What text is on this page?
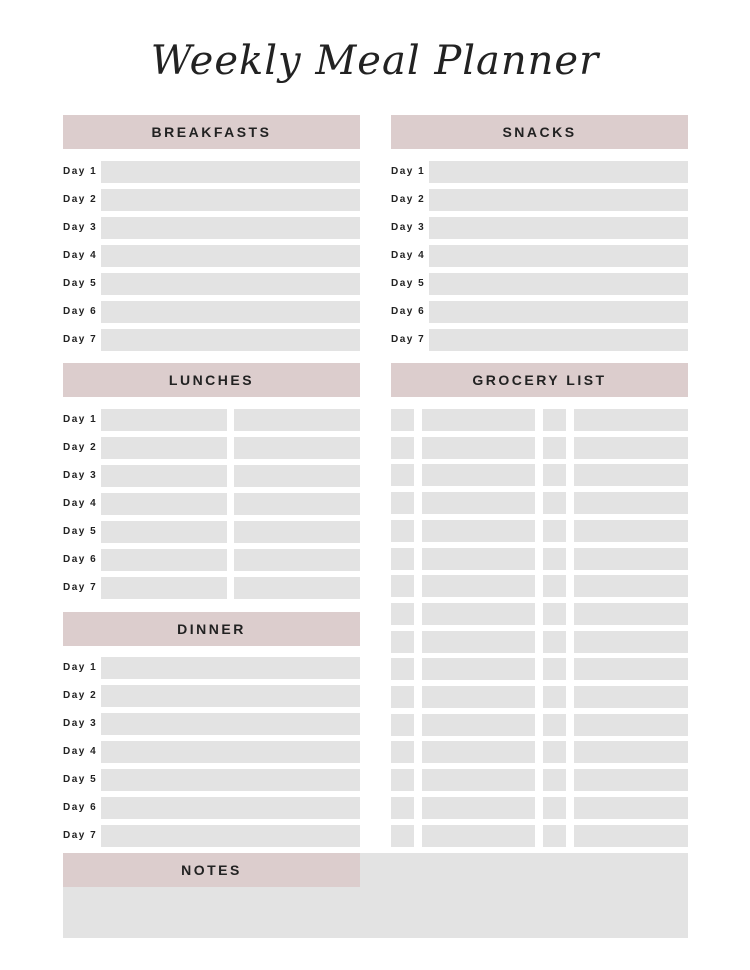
Weekly Meal Planner
BREAKFASTS	SNACKS
LUNCHES	GROCERY LIST
DINNER
NOTES
Day 1
Day 2
Day 3
Day 4
Day 5
Day 6
Day 7
Day 1
Day 2
Day 3
Day 4
Day 5
Day 6
Day 7
Day 1
Day 2
Day 3
Day 4
Day 5
Day 6
Day 7
Day 1
Day 2
Day 3
Day 4
Day 5
Day 6
Day 7
